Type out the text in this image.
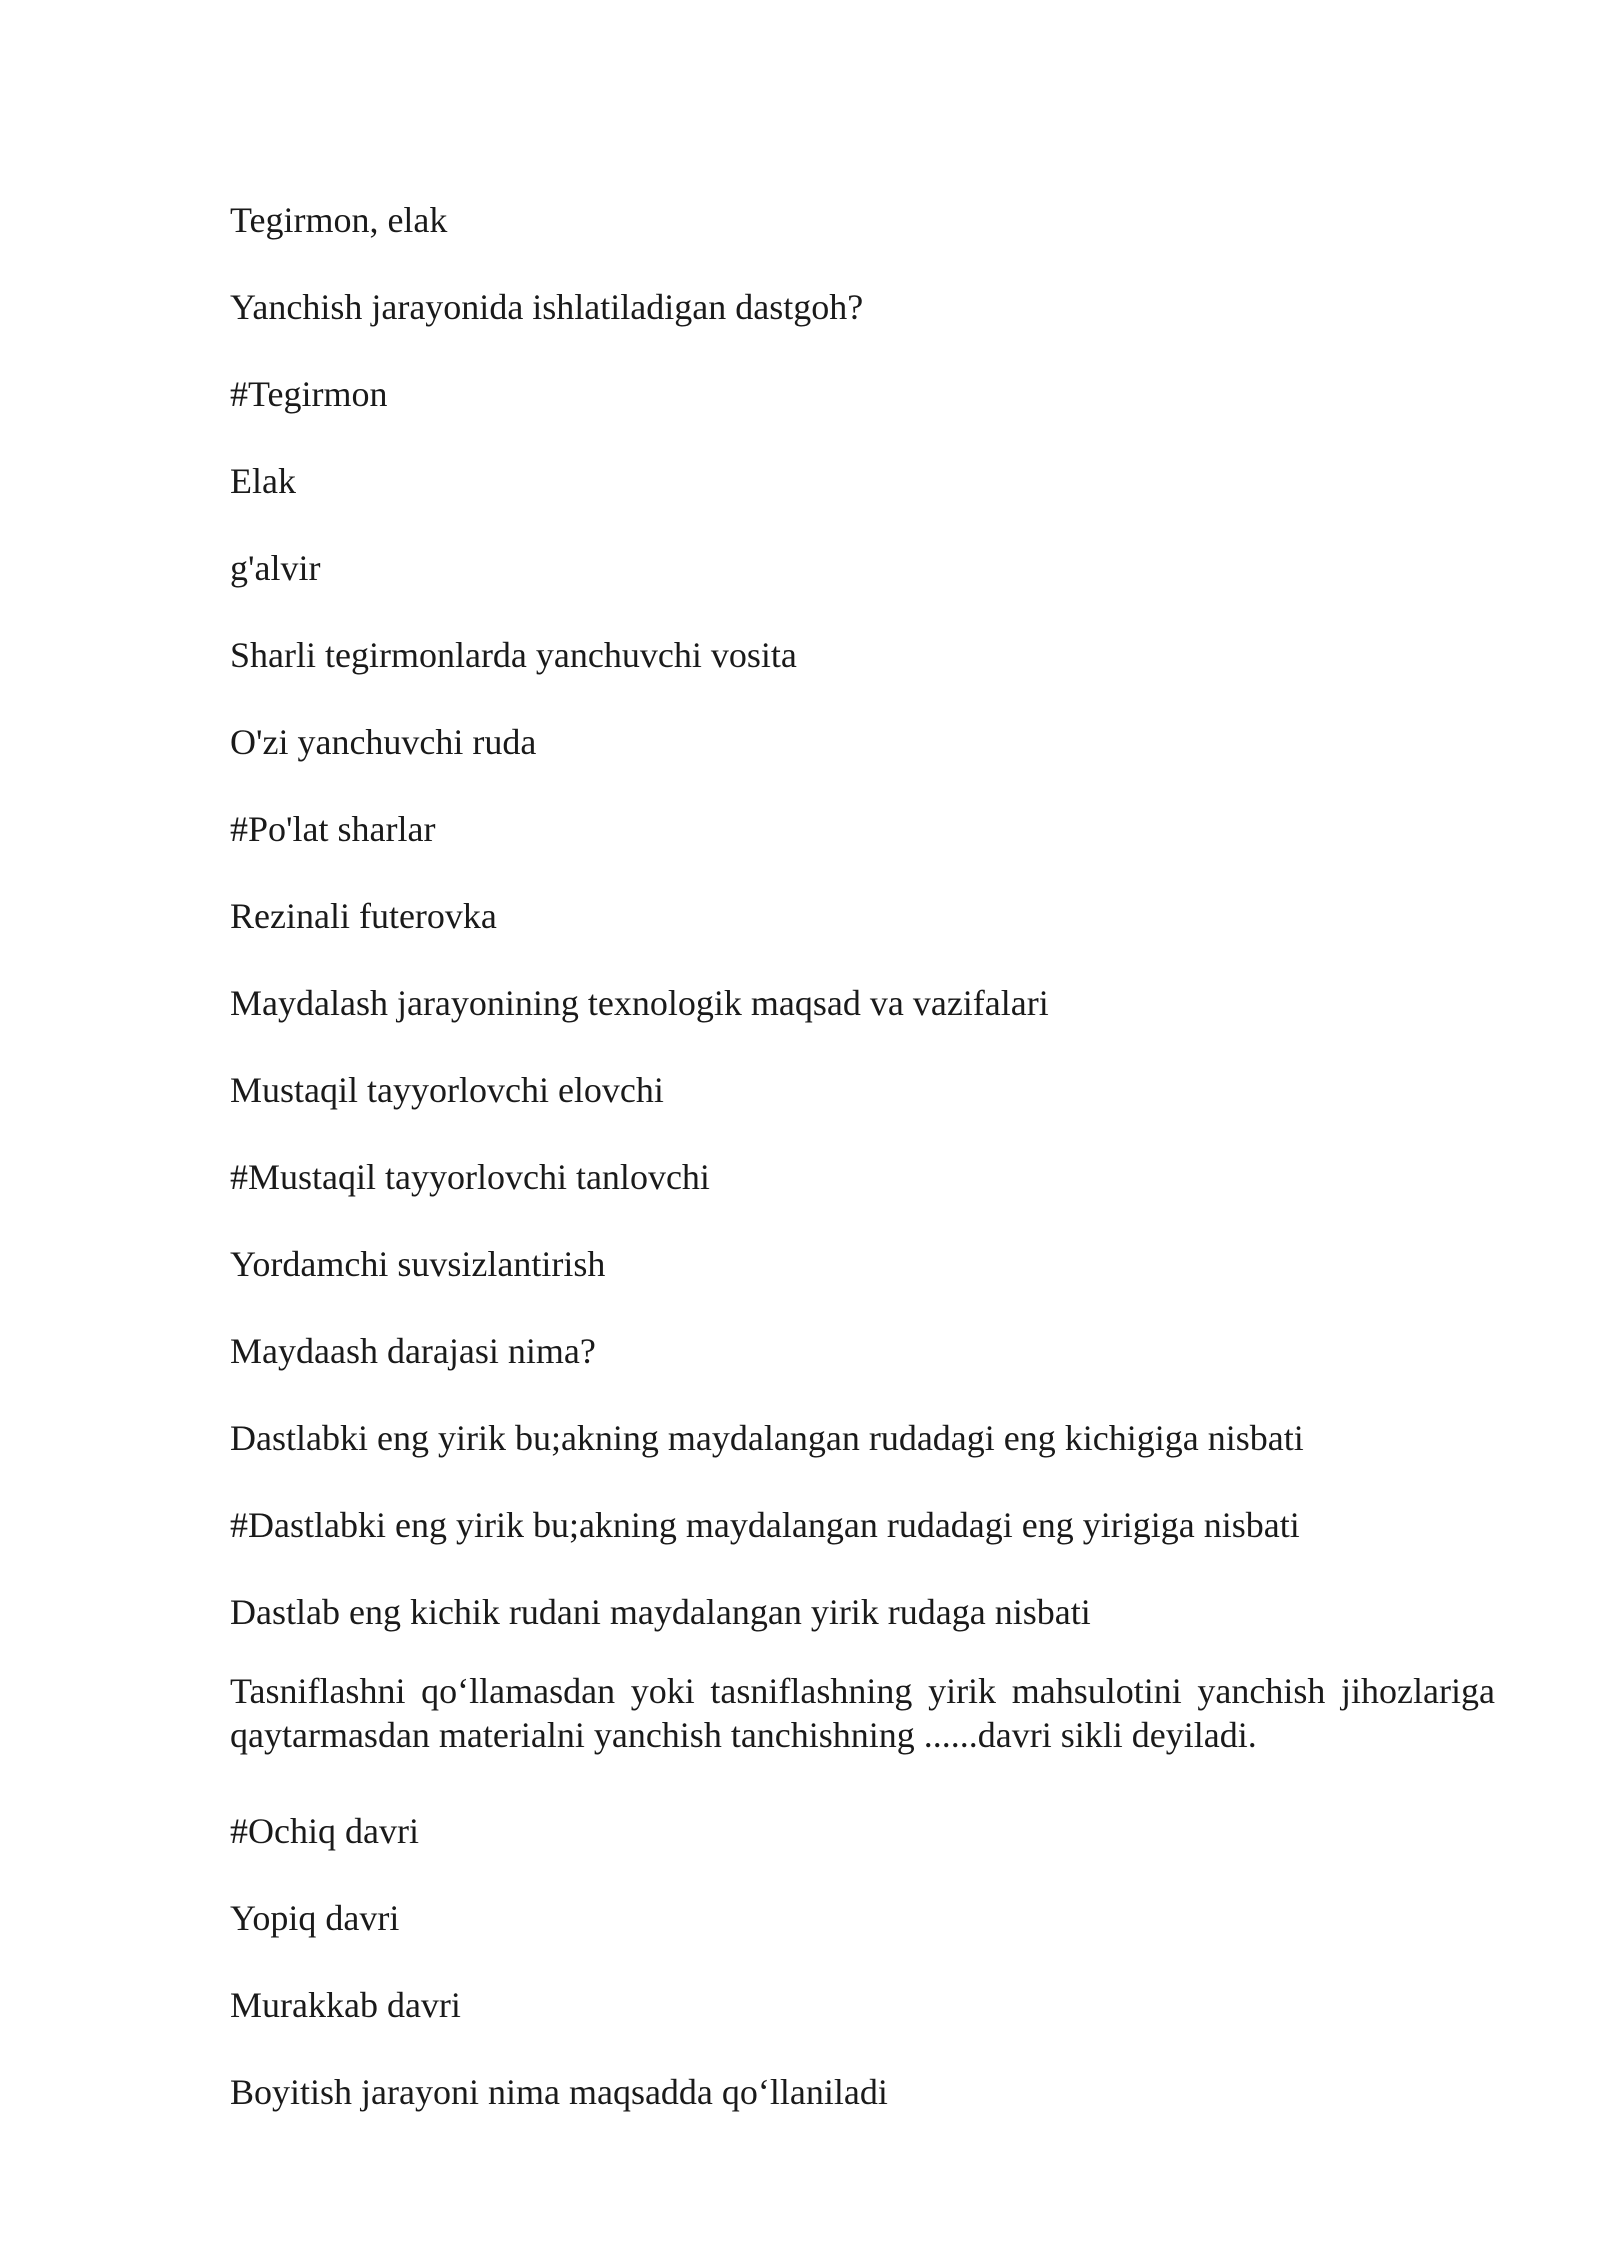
Tegirmon, elak

Yanchish jarayonida ishlatiladigan dastgoh?

#Tegirmon

Elak

g'alvir

Sharli tegirmonlarda yanchuvchi vosita

O'zi yanchuvchi ruda

#Po'lat sharlar

Rezinali futerovka

Maydalash jarayonining texnologik maqsad va vazifalari

Mustaqil tayyorlovchi elovchi

#Mustaqil tayyorlovchi tanlovchi

Yordamchi suvsizlantirish

Maydaash darajasi nima?

Dastlabki eng yirik bu;akning maydalangan rudadagi eng kichigiga nisbati

#Dastlabki eng yirik bu;akning maydalangan rudadagi eng yirigiga nisbati

Dastlab eng kichik rudani maydalangan yirik rudaga nisbati

Tasniflashni qo‘llamasdan yoki tasniflashning yirik mahsulotini yanchish jihozlariga qaytarmasdan materialni yanchish tanchishning ......davri sikli deyiladi.

#Ochiq davri

Yopiq davri

Murakkab davri

Boyitish jarayoni nima maqsadda qo‘llaniladi
